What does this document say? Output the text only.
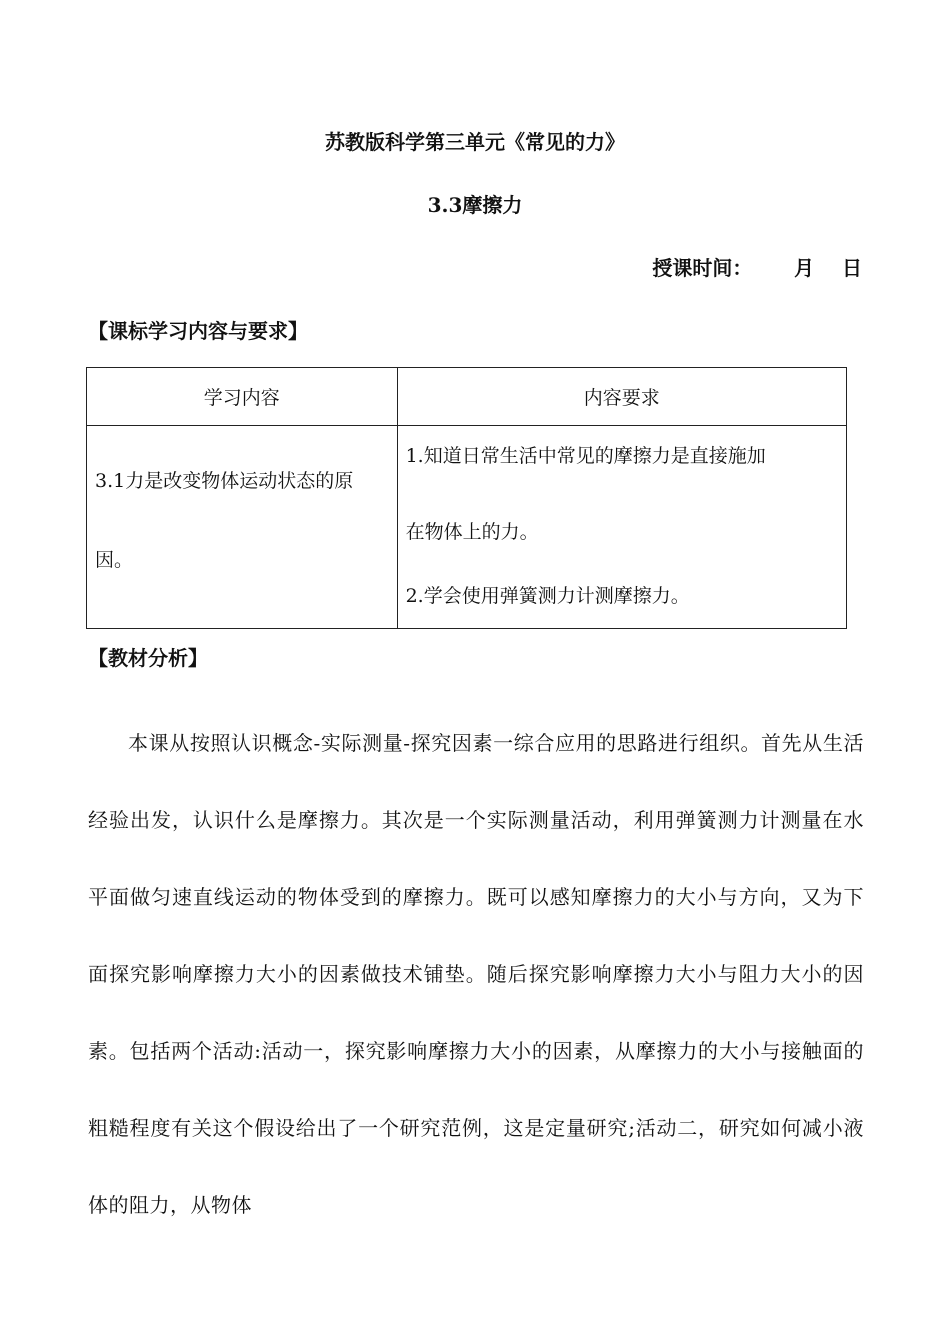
苏教版科学第三单元《常见的力》
3.3摩擦力
授课时间：      月    日
【课标学习内容与要求】
学习内容	内容要求

3.1力是改变物体运动状态的原因。	1.知道日常生活中常见的摩擦力是直接施加
在物体上的力。
2.学会使用弹簧测力计测摩擦力。
【教材分析】
本课从按照认识概念-实际测量-探究因素一综合应用的思路进行组织。首先从生活经验出发，认识什么是摩擦力。其次是一个实际测量活动，利用弹簧测力计测量在水平面做匀速直线运动的物体受到的摩擦力。既可以感知摩擦力的大小与方向，又为下面探究影响摩擦力大小的因素做技术铺垫。随后探究影响摩擦力大小与阻力大小的因素。包括两个活动:活动一，探究影响摩擦力大小的因素，从摩擦力的大小与接触面的粗糙程度有关这个假设给出了一个研究范例，这是定量研究;活动二，研究如何减小液体的阻力，从物体
